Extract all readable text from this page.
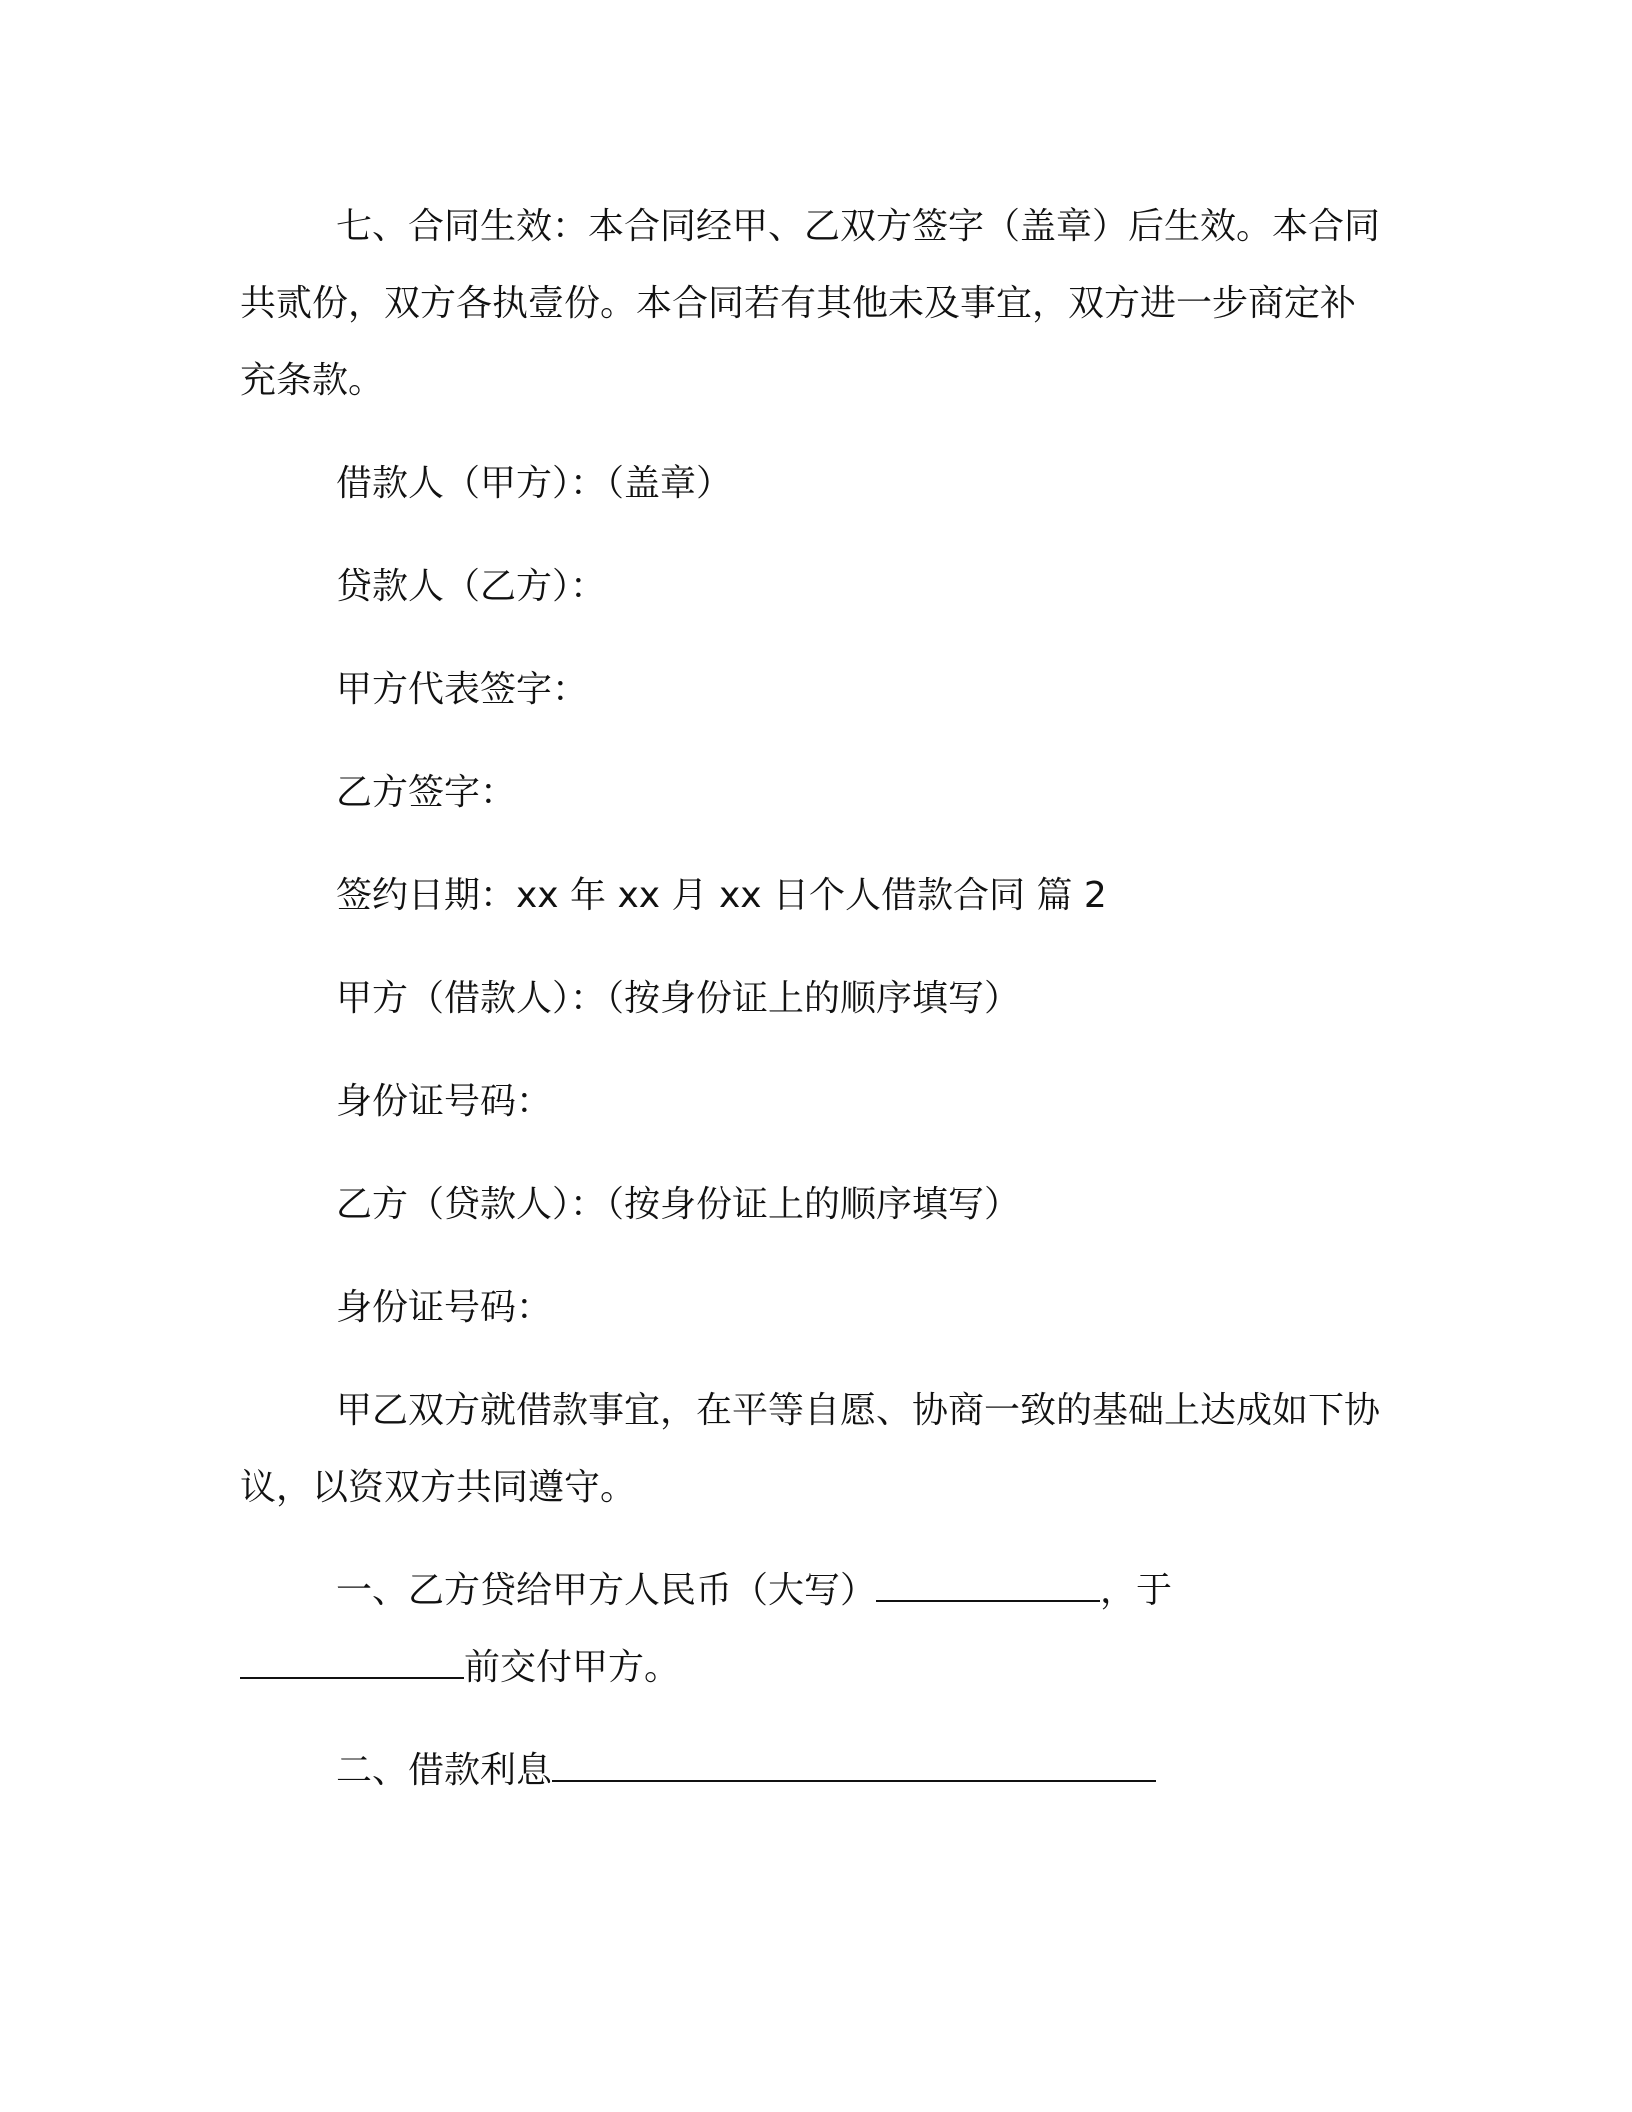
七、合同生效：本合同经甲、乙双方签字（盖章）后生效。本合同共贰份，双方各执壹份。本合同若有其他未及事宜，双方进一步商定补充条款。

借款人（甲方）：（盖章）

贷款人（乙方）：

甲方代表签字：

乙方签字：

签约日期：xx 年 xx 月 xx 日个人借款合同 篇 2

甲方（借款人）：（按身份证上的顺序填写）

身份证号码：

乙方（贷款人）：（按身份证上的顺序填写）

身份证号码：

甲乙双方就借款事宜，在平等自愿、协商一致的基础上达成如下协议，以资双方共同遵守。

一、乙方贷给甲方人民币（大写）	，于
前交付甲方。

二、借款利息
